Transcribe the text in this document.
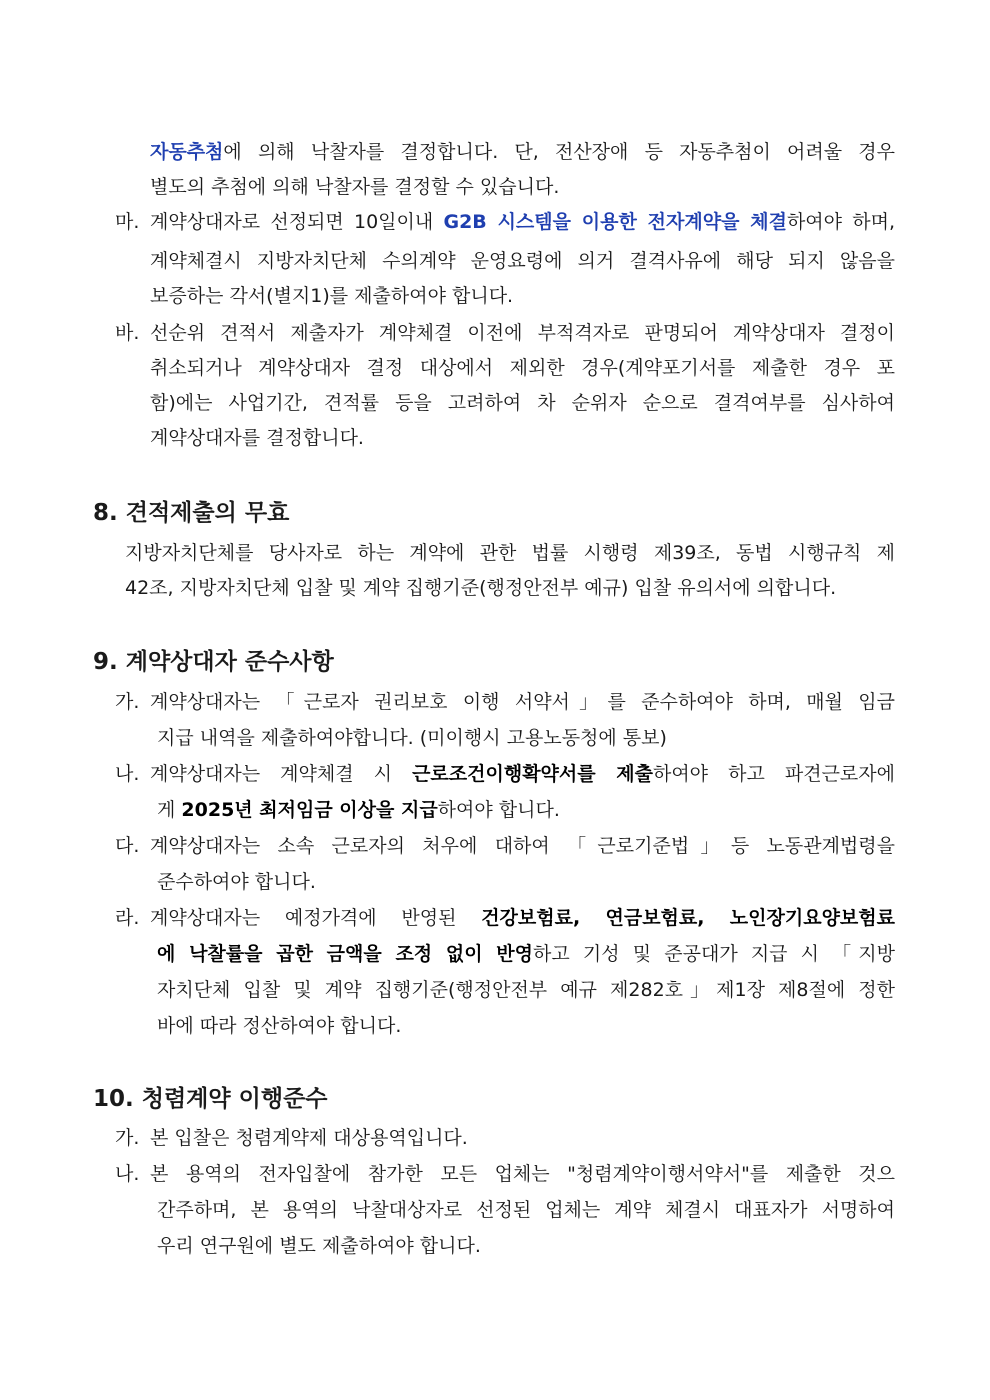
자동추첨에 의해 낙찰자를 결정합니다. 단, 전산장애 등 자동추첨이 어려울 경우
별도의 추첨에 의해 낙찰자를 결정할 수 있습니다.
마. 계약상대자로 선정되면 10일이내 G2B 시스템을 이용한 전자계약을 체결하여야 하며,
계약체결시 지방자치단체 수의계약 운영요령에 의거 결격사유에 해당 되지 않음을
보증하는 각서(별지1)를 제출하여야 합니다.
바. 선순위 견적서 제출자가 계약체결 이전에 부적격자로 판명되어 계약상대자 결정이
취소되거나 계약상대자 결정 대상에서 제외한 경우(계약포기서를 제출한 경우 포
함)에는 사업기간, 견적률 등을 고려하여 차 순위자 순으로 결격여부를 심사하여
계약상대자를 결정합니다.
8. 견적제출의 무효
지방자치단체를 당사자로 하는 계약에 관한 법률 시행령 제39조, 동법 시행규칙 제
42조, 지방자치단체 입찰 및 계약 집행기준(행정안전부 예규) 입찰 유의서에 의합니다.
9. 계약상대자 준수사항
가. 계약상대자는 「근로자 권리보호 이행 서약서」를 준수하여야 하며, 매월 임금
지급 내역을 제출하여야합니다. (미이행시 고용노동청에 통보)
나. 계약상대자는 계약체결 시 근로조건이행확약서를 제출하여야 하고 파견근로자에
게 2025년 최저임금 이상을 지급하여야 합니다.
다. 계약상대자는 소속 근로자의 처우에 대하여 「근로기준법」등 노동관계법령을
준수하여야 합니다.
라. 계약상대자는 예정가격에 반영된 건강보험료, 연금보험료, 노인장기요양보험료
에 낙찰률을 곱한 금액을 조정 없이 반영하고 기성 및 준공대가 지급 시 「지방
자치단체 입찰 및 계약 집행기준(행정안전부 예규 제282호」제1장 제8절에 정한
바에 따라 정산하여야 합니다.
10. 청렴계약 이행준수
가. 본 입찰은 청렴계약제 대상용역입니다.
나. 본 용역의 전자입찰에 참가한 모든 업체는 "청렴계약이행서약서"를 제출한 것으
간주하며, 본 용역의 낙찰대상자로 선정된 업체는 계약 체결시 대표자가 서명하여
우리 연구원에 별도 제출하여야 합니다.
